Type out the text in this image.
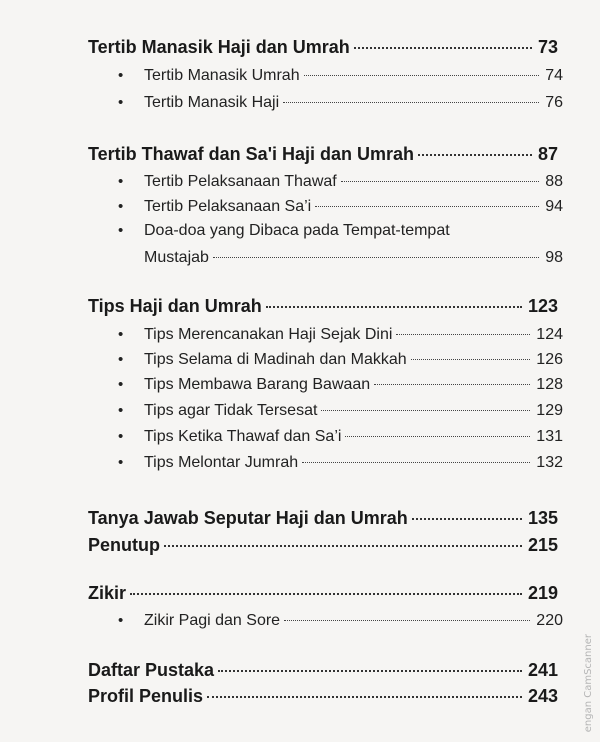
Tertib Manasik Haji dan Umrah	73
•	Tertib Manasik Umrah	74
•	Tertib Manasik Haji	76
Tertib Thawaf dan Sa'i Haji dan Umrah	87
•	Tertib Pelaksanaan Thawaf	88
•	Tertib Pelaksanaan Sa’i	94
• Doa-doa yang Dibaca pada Tempat-tempat
Mustajab	98
Tips Haji dan Umrah	123
•	Tips Merencanakan Haji Sejak Dini	124
•	Tips Selama di Madinah dan Makkah	126
•	Tips Membawa Barang Bawaan	128
•	Tips agar Tidak Tersesat	129
•	Tips Ketika Thawaf dan Sa’i	131
•	Tips Melontar Jumrah	132
Tanya Jawab Seputar Haji dan Umrah	135
Penutup	215
Zikir	219
•	Zikir Pagi dan Sore	220
Daftar Pustaka	241
Profil Penulis	243	engan CamScanner
